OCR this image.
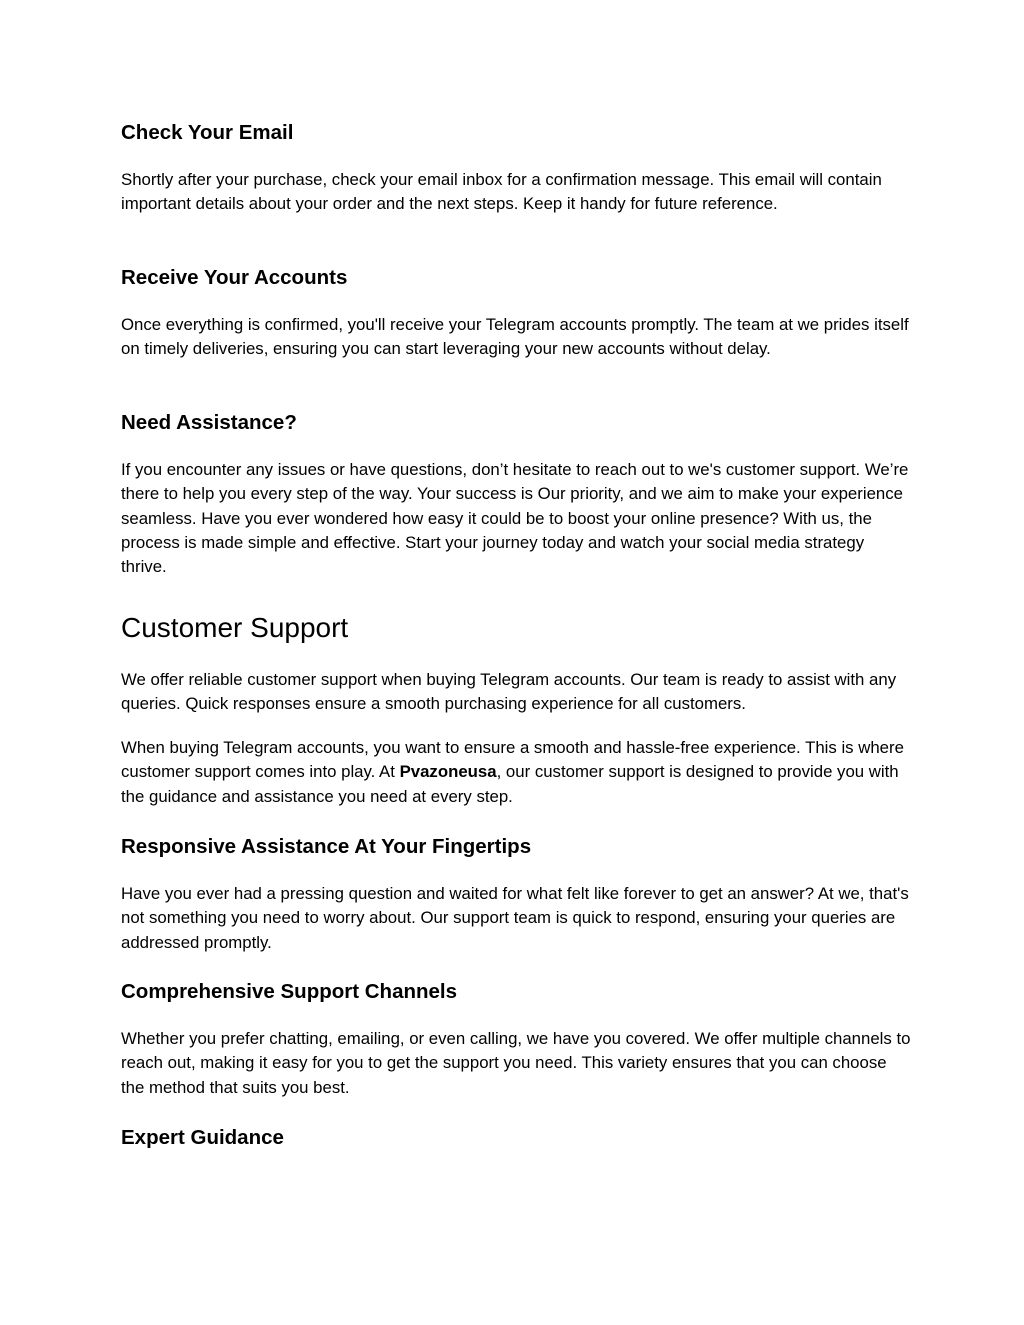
Check Your Email

Shortly after your purchase, check your email inbox for a confirmation message. This email will contain important details about your order and the next steps. Keep it handy for future reference.

Receive Your Accounts

Once everything is confirmed, you'll receive your Telegram accounts promptly. The team at we prides itself on timely deliveries, ensuring you can start leveraging your new accounts without delay.

Need Assistance?

If you encounter any issues or have questions, don’t hesitate to reach out to we's customer support. We’re there to help you every step of the way. Your success is Our priority, and we aim to make your experience seamless. Have you ever wondered how easy it could be to boost your online presence? With us, the process is made simple and effective. Start your journey today and watch your social media strategy thrive.

Customer Support

We offer reliable customer support when buying Telegram accounts. Our team is ready to assist with any queries. Quick responses ensure a smooth purchasing experience for all customers.

When buying Telegram accounts, you want to ensure a smooth and hassle-free experience. This is where customer support comes into play. At Pvazoneusa, our customer support is designed to provide you with the guidance and assistance you need at every step.

Responsive Assistance At Your Fingertips

Have you ever had a pressing question and waited for what felt like forever to get an answer? At we, that's not something you need to worry about. Our support team is quick to respond, ensuring your queries are addressed promptly.

Comprehensive Support Channels

Whether you prefer chatting, emailing, or even calling, we have you covered. We offer multiple channels to reach out, making it easy for you to get the support you need. This variety ensures that you can choose the method that suits you best.

Expert Guidance
